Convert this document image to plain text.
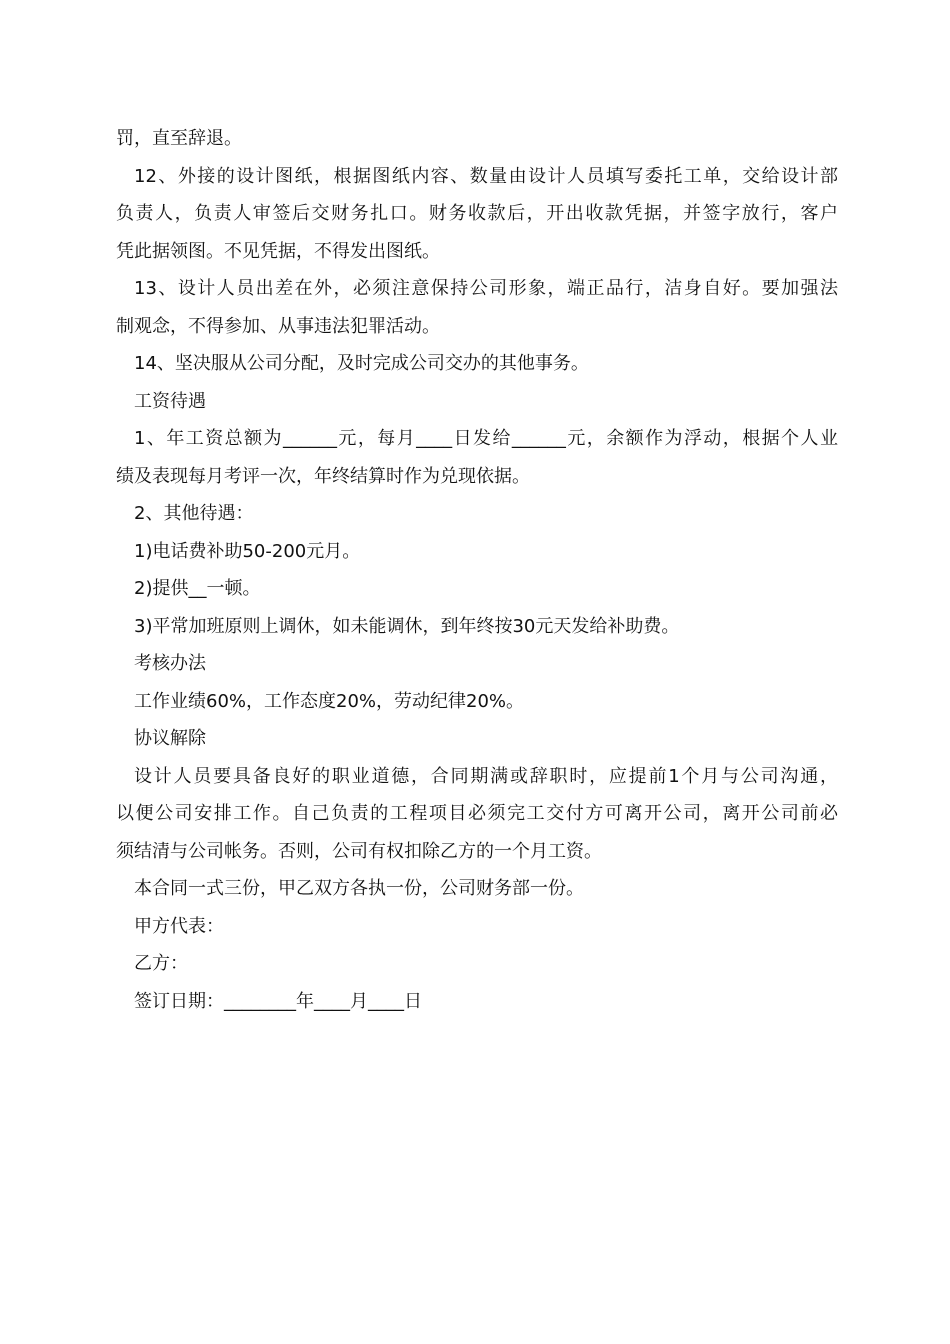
罚，直至辞退。
12、外接的设计图纸，根据图纸内容、数量由设计人员填写委托工单，交给设计部
负责人，负责人审签后交财务扎口。财务收款后，开出收款凭据，并签字放行，客户
凭此据领图。不见凭据，不得发出图纸。
13、设计人员出差在外，必须注意保持公司形象，端正品行，洁身自好。要加强法
制观念，不得参加、从事违法犯罪活动。
14、坚决服从公司分配，及时完成公司交办的其他事务。
工资待遇
1、年工资总额为______元，每月____日发给______元，余额作为浮动，根据个人业
绩及表现每月考评一次，年终结算时作为兑现依据。
2、其他待遇：
1)电话费补助50-200元月。
2)提供__一顿。
3)平常加班原则上调休，如未能调休，到年终按30元天发给补助费。
考核办法
工作业绩60%，工作态度20%，劳动纪律20%。
协议解除
设计人员要具备良好的职业道德，合同期满或辞职时，应提前1个月与公司沟通，
以便公司安排工作。自己负责的工程项目必须完工交付方可离开公司，离开公司前必
须结清与公司帐务。否则，公司有权扣除乙方的一个月工资。
本合同一式三份，甲乙双方各执一份，公司财务部一份。
甲方代表：
乙方：
签订日期：________年____月____日
